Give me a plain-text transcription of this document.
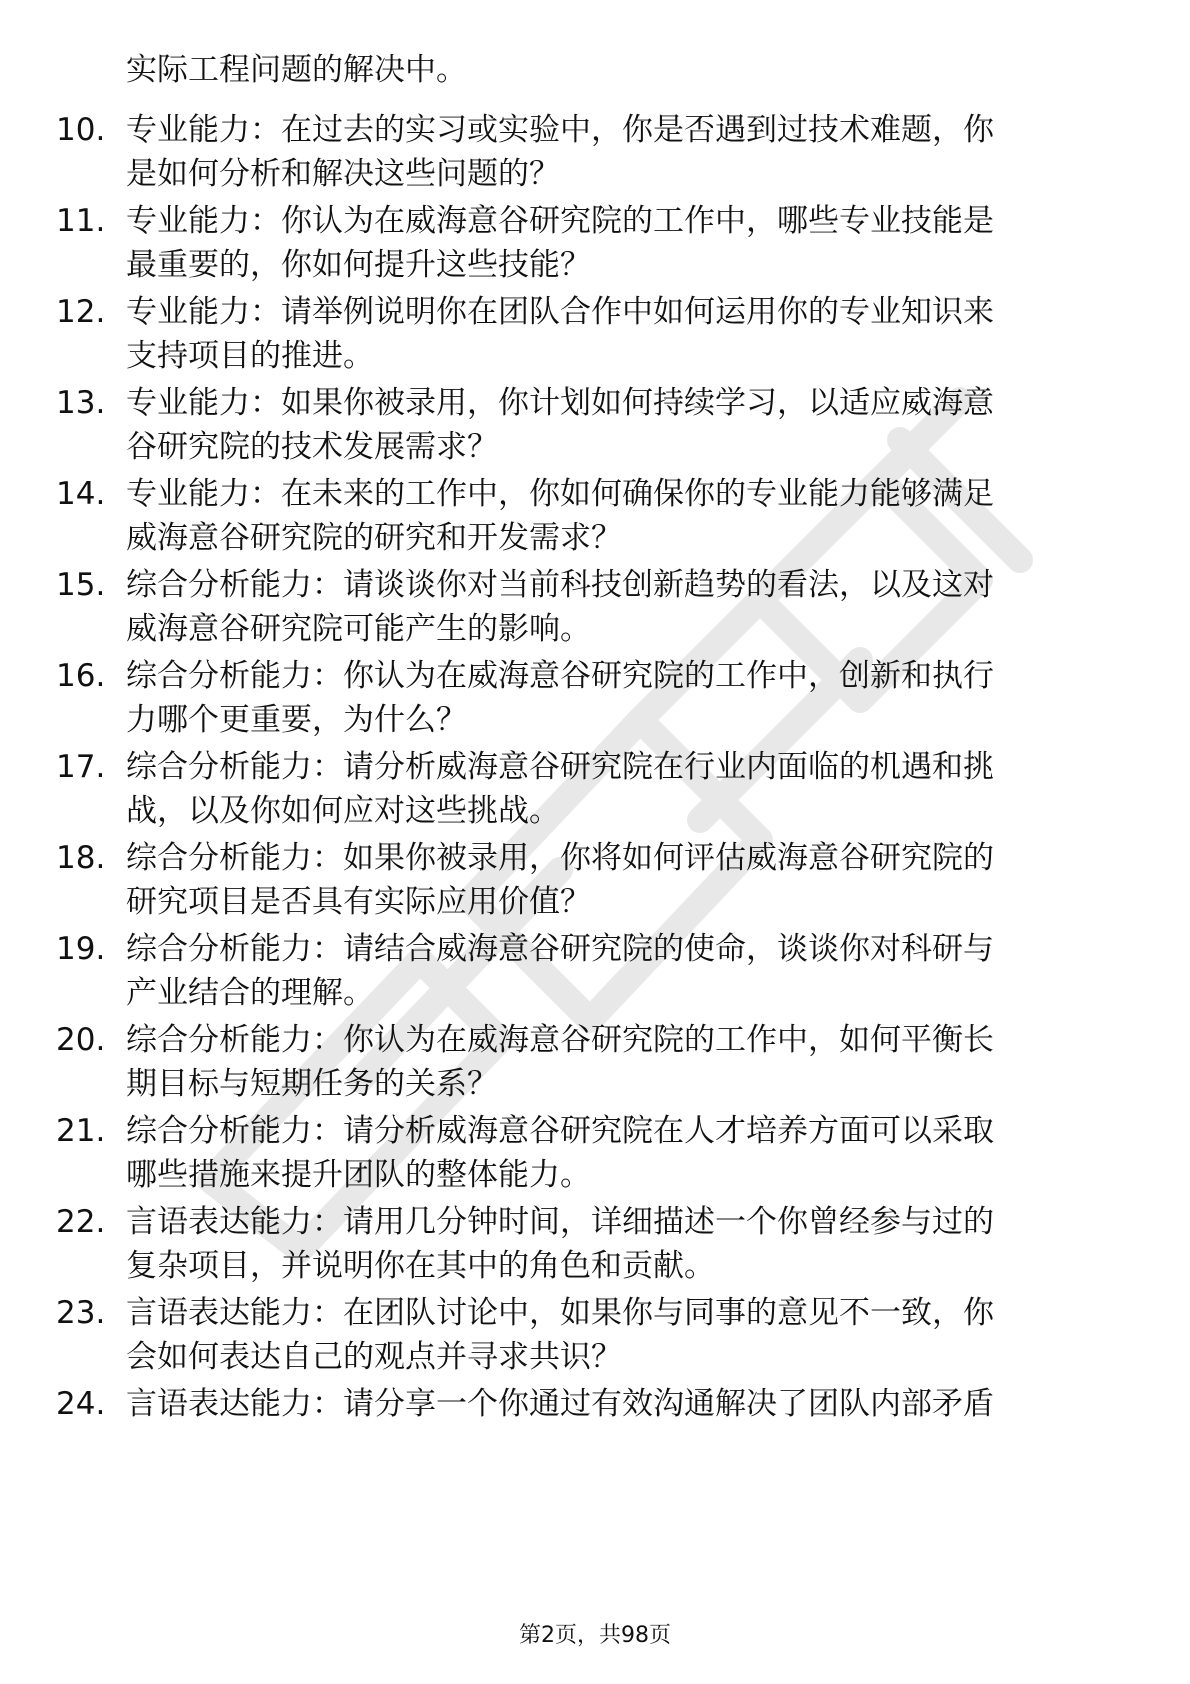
实际工程问题的解决中。
10. 专业能力：在过去的实习或实验中，你是否遇到过技术难题，你
是如何分析和解决这些问题的？
11. 专业能力：你认为在威海意谷研究院的工作中，哪些专业技能是
最重要的，你如何提升这些技能？
12. 专业能力：请举例说明你在团队合作中如何运用你的专业知识来
支持项目的推进。
13. 专业能力：如果你被录用，你计划如何持续学习，以适应威海意
谷研究院的技术发展需求？
14. 专业能力：在未来的工作中，你如何确保你的专业能力能够满足
威海意谷研究院的研究和开发需求？
15. 综合分析能力：请谈谈你对当前科技创新趋势的看法，以及这对
威海意谷研究院可能产生的影响。
16. 综合分析能力：你认为在威海意谷研究院的工作中，创新和执行
力哪个更重要，为什么？
17. 综合分析能力：请分析威海意谷研究院在行业内面临的机遇和挑
战，以及你如何应对这些挑战。
18. 综合分析能力：如果你被录用，你将如何评估威海意谷研究院的
研究项目是否具有实际应用价值？
19. 综合分析能力：请结合威海意谷研究院的使命，谈谈你对科研与
产业结合的理解。
20. 综合分析能力：你认为在威海意谷研究院的工作中，如何平衡长
期目标与短期任务的关系？
21. 综合分析能力：请分析威海意谷研究院在人才培养方面可以采取
哪些措施来提升团队的整体能力。
22. 言语表达能力：请用几分钟时间，详细描述一个你曾经参与过的
复杂项目，并说明你在其中的角色和贡献。
23. 言语表达能力：在团队讨论中，如果你与同事的意见不一致，你
会如何表达自己的观点并寻求共识？
24. 言语表达能力：请分享一个你通过有效沟通解决了团队内部矛盾
第2页，共98页
